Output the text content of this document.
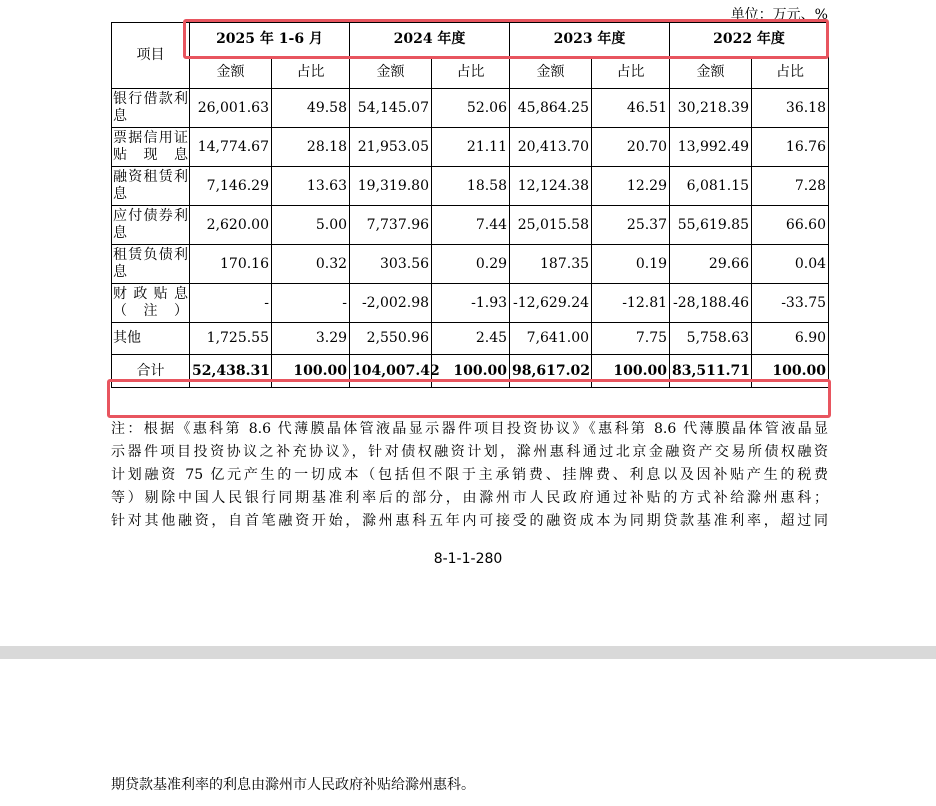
单位：万元、%
项目	2025 年 1-6 月		2024 年度		2023 年度		2022 年度	
	金额	占比	金额	占比	金额	占比	金额	占比
银行借款利息	26,001.63	49.58	54,145.07	52.06	45,864.25	46.51	30,218.39	36.18
票据信用证贴现息	14,774.67	28.18	21,953.05	21.11	20,413.70	20.70	13,992.49	16.76
融资租赁利息	7,146.29	13.63	19,319.80	18.58	12,124.38	12.29	6,081.15	7.28
应付债券利息	2,620.00	5.00	7,737.96	7.44	25,015.58	25.37	55,619.85	66.60
租赁负债利息	170.16	0.32	303.56	0.29	187.35	0.19	29.66	0.04
财政贴息（注）	-	-	-2,002.98	-1.93	-12,629.24	-12.81	-28,188.46	-33.75
其他	1,725.55	3.29	2,550.96	2.45	7,641.00	7.75	5,758.63	6.90
合计	52,438.31	100.00	104,007.42	100.00	98,617.02	100.00	83,511.71	100.00
注：根据《惠科第 8.6 代薄膜晶体管液晶显示器件项目投资协议》《惠科第 8.6 代薄膜晶体管液晶显
示器件项目投资协议之补充协议》，针对债权融资计划，滁州惠科通过北京金融资产交易所债权融资
计划融资 75 亿元产生的一切成本（包括但不限于主承销费、挂牌费、利息以及因补贴产生的税费
等）剔除中国人民银行同期基准利率后的部分，由滁州市人民政府通过补贴的方式补给滁州惠科；
针对其他融资，自首笔融资开始，滁州惠科五年内可接受的融资成本为同期贷款基准利率，超过同
8-1-1-280
期贷款基准利率的利息由滁州市人民政府补贴给滁州惠科。
